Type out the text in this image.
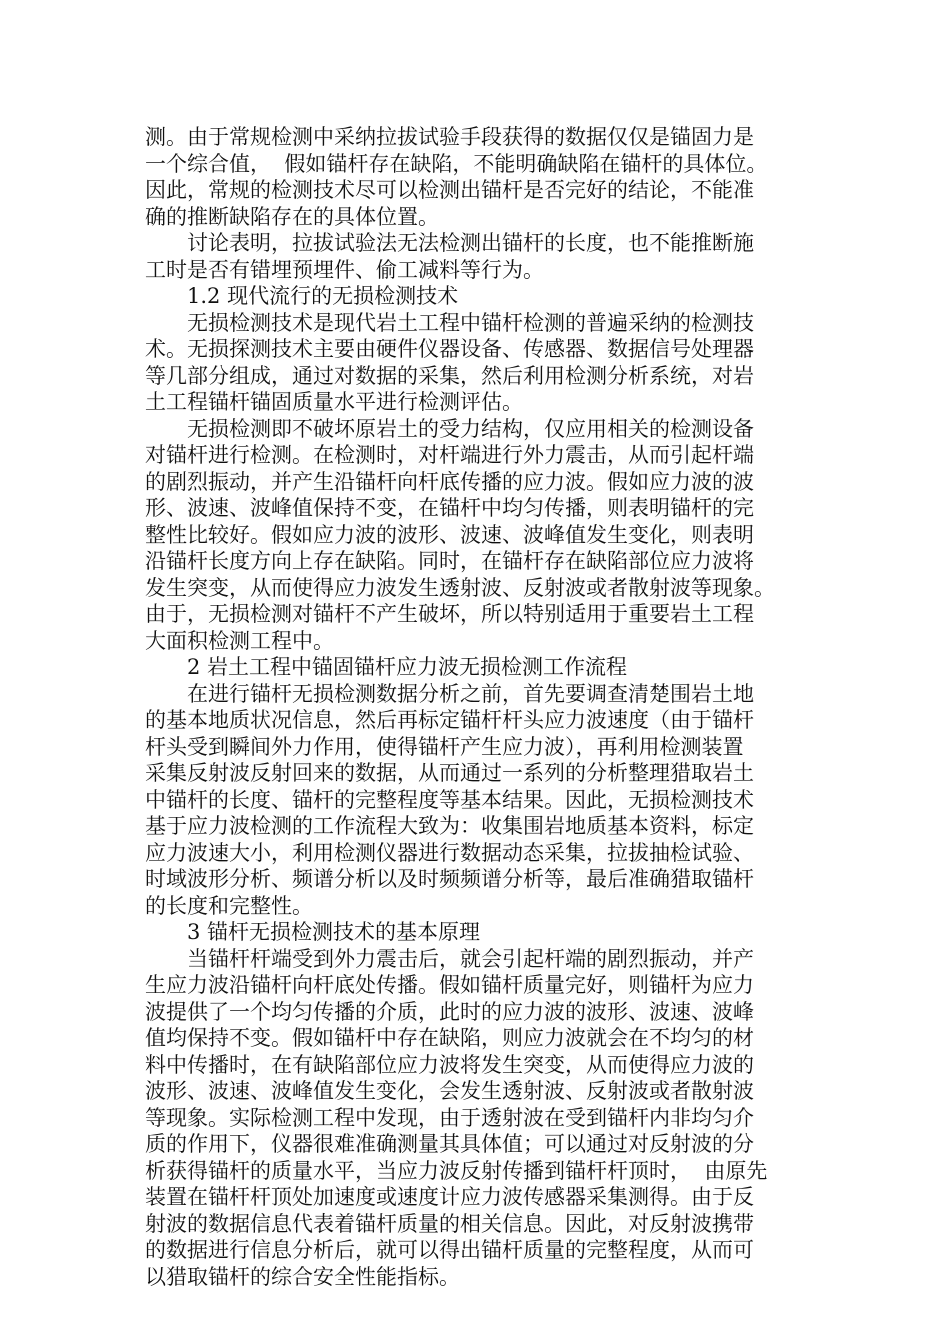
测。由于常规检测中采纳拉拔试验手段获得的数据仅仅是锚固力是
一个综合值，  假如锚杆存在缺陷，不能明确缺陷在锚杆的具体位。
因此，常规的检测技术尽可以检测出锚杆是否完好的结论，不能准
确的推断缺陷存在的具体位置。
讨论表明，拉拔试验法无法检测出锚杆的长度，也不能推断施
工时是否有错埋预埋件、偷工减料等行为。
1.2 现代流行的无损检测技术
无损检测技术是现代岩土工程中锚杆检测的普遍采纳的检测技
术。无损探测技术主要由硬件仪器设备、传感器、数据信号处理器
等几部分组成，通过对数据的采集，然后利用检测分析系统，对岩
土工程锚杆锚固质量水平进行检测评估。
无损检测即不破坏原岩土的受力结构，仅应用相关的检测设备
对锚杆进行检测。在检测时，对杆端进行外力震击，从而引起杆端
的剧烈振动，并产生沿锚杆向杆底传播的应力波。假如应力波的波
形、波速、波峰值保持不变，在锚杆中均匀传播，则表明锚杆的完
整性比较好。假如应力波的波形、波速、波峰值发生变化，则表明
沿锚杆长度方向上存在缺陷。同时，在锚杆存在缺陷部位应力波将
发生突变，从而使得应力波发生透射波、反射波或者散射波等现象。
由于，无损检测对锚杆不产生破坏，所以特别适用于重要岩土工程
大面积检测工程中。
2 岩土工程中锚固锚杆应力波无损检测工作流程
在进行锚杆无损检测数据分析之前，首先要调查清楚围岩土地
的基本地质状况信息，然后再标定锚杆杆头应力波速度（由于锚杆
杆头受到瞬间外力作用，使得锚杆产生应力波），再利用检测装置
采集反射波反射回来的数据，从而通过一系列的分析整理猎取岩土
中锚杆的长度、锚杆的完整程度等基本结果。因此，无损检测技术
基于应力波检测的工作流程大致为：收集围岩地质基本资料，标定
应力波速大小，利用检测仪器进行数据动态采集，拉拔抽检试验、
时域波形分析、频谱分析以及时频频谱分析等，最后准确猎取锚杆
的长度和完整性。
3 锚杆无损检测技术的基本原理
当锚杆杆端受到外力震击后，就会引起杆端的剧烈振动，并产
生应力波沿锚杆向杆底处传播。假如锚杆质量完好，则锚杆为应力
波提供了一个均匀传播的介质，此时的应力波的波形、波速、波峰
值均保持不变。假如锚杆中存在缺陷，则应力波就会在不均匀的材
料中传播时，在有缺陷部位应力波将发生突变，从而使得应力波的
波形、波速、波峰值发生变化，会发生透射波、反射波或者散射波
等现象。实际检测工程中发现，由于透射波在受到锚杆内非均匀介
质的作用下，仪器很难准确测量其具体值；可以通过对反射波的分
析获得锚杆的质量水平，当应力波反射传播到锚杆杆顶时，  由原先
装置在锚杆杆顶处加速度或速度计应力波传感器采集测得。由于反
射波的数据信息代表着锚杆质量的相关信息。因此，对反射波携带
的数据进行信息分析后，就可以得出锚杆质量的完整程度，从而可
以猎取锚杆的综合安全性能指标。
